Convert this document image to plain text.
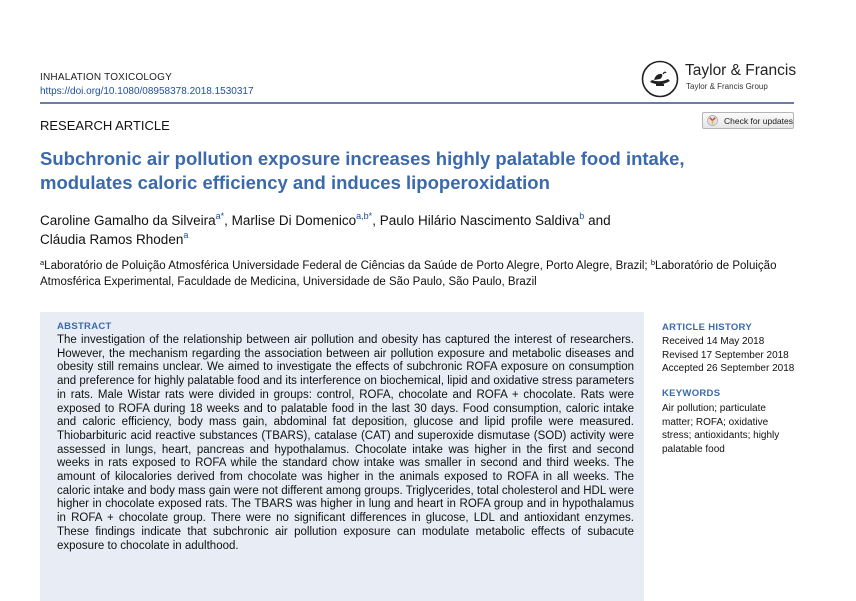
INHALATION TOXICOLOGY
https://doi.org/10.1080/08958378.2018.1530317
Taylor & Francis
Taylor & Francis Group
RESEARCH ARTICLE	Check for updates
Subchronic air pollution exposure increases highly palatable food intake, modulates caloric efficiency and induces lipoperoxidation
Caroline Gamalho da Silveira$^{a*}$, Marlise Di Domenico$^{a,b*}$, Paulo Hilário Nascimento Saldiva$^b$ and
Cláudia Ramos Rhoden$^a$
$^a$Laboratório de Poluição Atmosférica Universidade Federal de Ciências da Saúde de Porto Alegre, Porto Alegre, Brazil; $^b$Laboratório de Poluição Atmosférica Experimental, Faculdade de Medicina, Universidade de São Paulo, São Paulo, Brazil
ABSTRACT

The investigation of the relationship between air pollution and obesity has captured the interest of researchers. However, the mechanism regarding the association between air pollution exposure and metabolic diseases and obesity still remains unclear. We aimed to investigate the effects of subchronic ROFA exposure on consumption and preference for highly palatable food and its interference on biochemical, lipid and oxidative stress parameters in rats. Male Wistar rats were divided in groups: control, ROFA, chocolate and ROFA + chocolate. Rats were exposed to ROFA during 18 weeks and to palatable food in the last 30 days. Food consumption, caloric intake and caloric efficiency, body mass gain, abdominal fat deposition, glucose and lipid profile were measured. Thiobarbituric acid reactive substances (TBARS), catalase (CAT) and superoxide dismutase (SOD) activity were assessed in lungs, heart, pancreas and hypothalamus. Chocolate intake was higher in the first and second weeks in rats exposed to ROFA while the standard chow intake was smaller in second and third weeks. The amount of kilocalories derived from chocolate was higher in the animals exposed to ROFA in all weeks. The caloric intake and body mass gain were not different among groups. Triglycerides, total cholesterol and HDL were higher in chocolate exposed rats. The TBARS was higher in lung and heart in ROFA group and in hypothalamus in ROFA + chocolate group. There were no significant differences in glucose, LDL and antioxidant enzymes. These findings indicate that subchronic air pollution exposure can modulate metabolic effects of subacute exposure to chocolate in adulthood.

ARTICLE HISTORY
Received 14 May 2018
Revised 17 September 2018
Accepted 26 September 2018
KEYWORDS
Air pollution; particulate matter; ROFA; oxidative stress; antioxidants; highly palatable food
